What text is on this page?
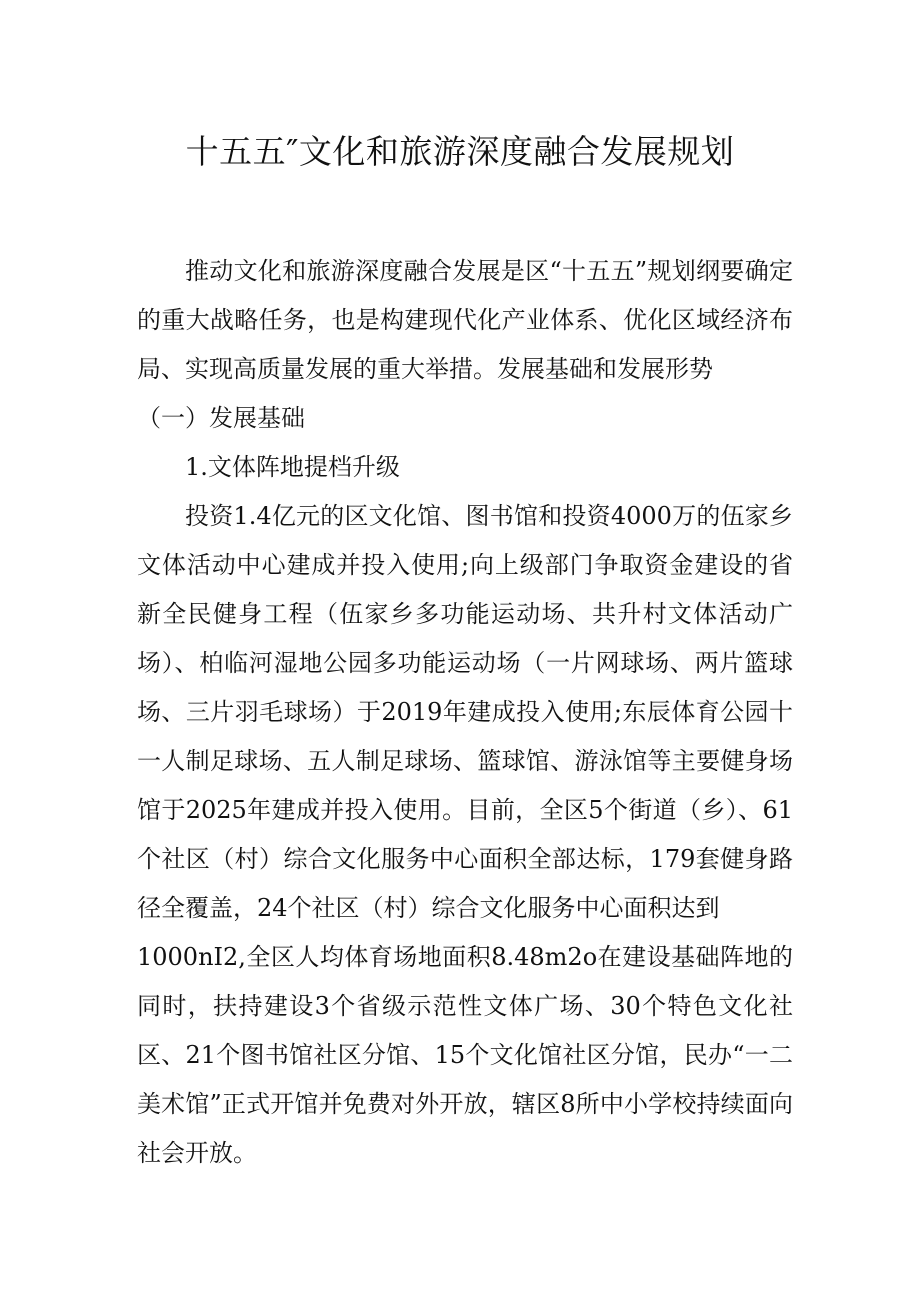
十五五″文化和旅游深度融合发展规划

推动文化和旅游深度融合发展是区“十五五”规划纲要确定的重大战略任务，也是构建现代化产业体系、优化区域经济布局、实现高质量发展的重大举措。发展基础和发展形势

（一）发展基础

1.文体阵地提档升级

投资1.4亿元的区文化馆、图书馆和投资4000万的伍家乡文体活动中心建成并投入使用;向上级部门争取资金建设的省新全民健身工程（伍家乡多功能运动场、共升村文体活动广场）、柏临河湿地公园多功能运动场（一片网球场、两片篮球场、三片羽毛球场）于2019年建成投入使用;东辰体育公园十一人制足球场、五人制足球场、篮球馆、游泳馆等主要健身场馆于2025年建成并投入使用。目前，全区5个街道（乡）、61个社区（村）综合文化服务中心面积全部达标，179套健身路径全覆盖，24个社区（村）综合文化服务中心面积达到

1000nI2,全区人均体育场地面积8.48m2o在建设基础阵地的同时，扶持建设3个省级示范性文体广场、30个特色文化社区、21个图书馆社区分馆、15个文化馆社区分馆，民办“一二美术馆”正式开馆并免费对外开放，辖区8所中小学校持续面向社会开放。
